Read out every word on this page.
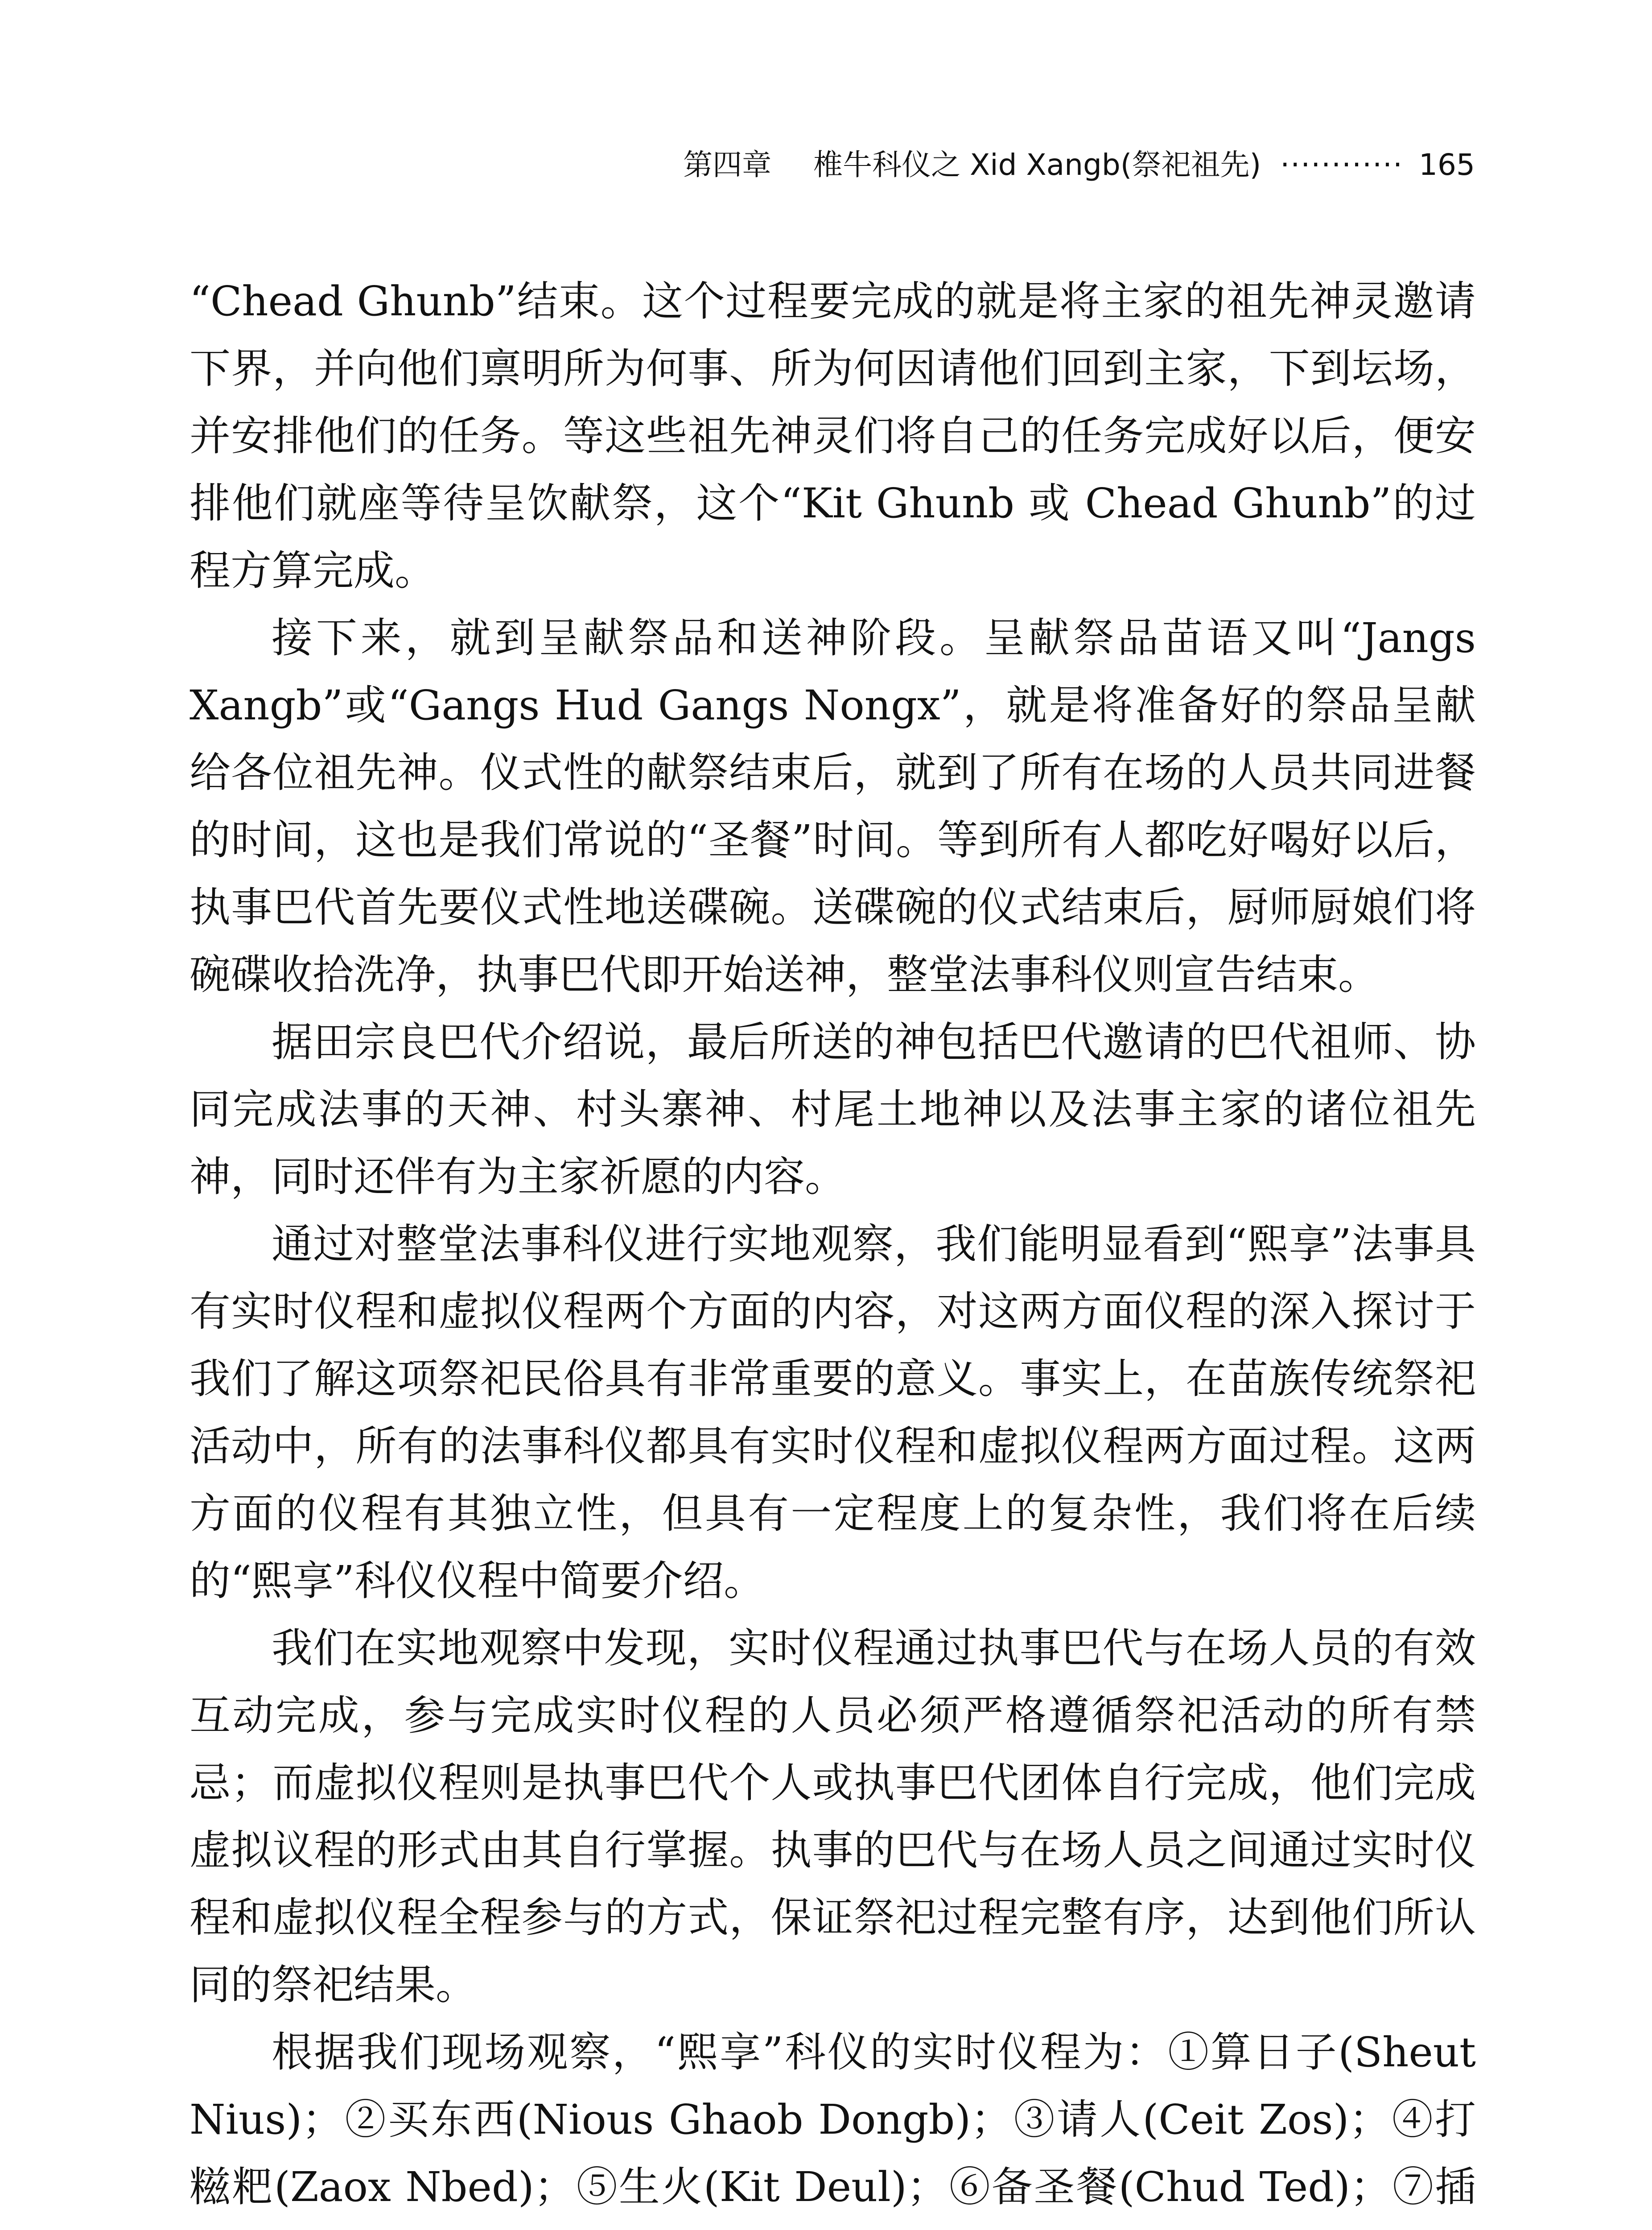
第四章 椎牛科仪之 Xid Xangb(祭祀祖先) ············ 165

“Chead Ghunb”结束。这个过程要完成的就是将主家的祖先神灵邀请下界，并向他们禀明所为何事、所为何因请他们回到主家，下到坛场，并安排他们的任务。等这些祖先神灵们将自己的任务完成好以后，便安排他们就座等待呈饮献祭，这个“Kit Ghunb 或 Chead Ghunb”的过程方算完成。

接下来，就到呈献祭品和送神阶段。呈献祭品苗语又叫“Jangs Xangb”或“Gangs Hud Gangs Nongx”，就是将准备好的祭品呈献给各位祖先神。仪式性的献祭结束后，就到了所有在场的人员共同进餐的时间，这也是我们常说的“圣餐”时间。等到所有人都吃好喝好以后，执事巴代首先要仪式性地送碟碗。送碟碗的仪式结束后，厨师厨娘们将碗碟收拾洗净，执事巴代即开始送神，整堂法事科仪则宣告结束。

据田宗良巴代介绍说，最后所送的神包括巴代邀请的巴代祖师、协同完成法事的天神、村头寨神、村尾土地神以及法事主家的诸位祖先神，同时还伴有为主家祈愿的内容。

通过对整堂法事科仪进行实地观察，我们能明显看到“熙享”法事具有实时仪程和虚拟仪程两个方面的内容，对这两方面仪程的深入探讨于我们了解这项祭祀民俗具有非常重要的意义。事实上，在苗族传统祭祀活动中，所有的法事科仪都具有实时仪程和虚拟仪程两方面过程。这两方面的仪程有其独立性，但具有一定程度上的复杂性，我们将在后续的“熙享”科仪仪程中简要介绍。

我们在实地观察中发现，实时仪程通过执事巴代与在场人员的有效互动完成，参与完成实时仪程的人员必须严格遵循祭祀活动的所有禁忌；而虚拟仪程则是执事巴代个人或执事巴代团体自行完成，他们完成虚拟议程的形式由其自行掌握。执事的巴代与在场人员之间通过实时仪程和虚拟仪程全程参与的方式，保证祭祀过程完整有序，达到他们所认同的祭祀结果。

根据我们现场观察，“熙享”科仪的实时仪程为：①算日子(Sheut Nius)；②买东西(Nious Ghaob Dongb)；③请人(Ceit Zos)；④打糍粑(Zaox Nbed)；⑤生火(Kit Deul)；⑥备圣餐(Chud Ted)；⑦插
